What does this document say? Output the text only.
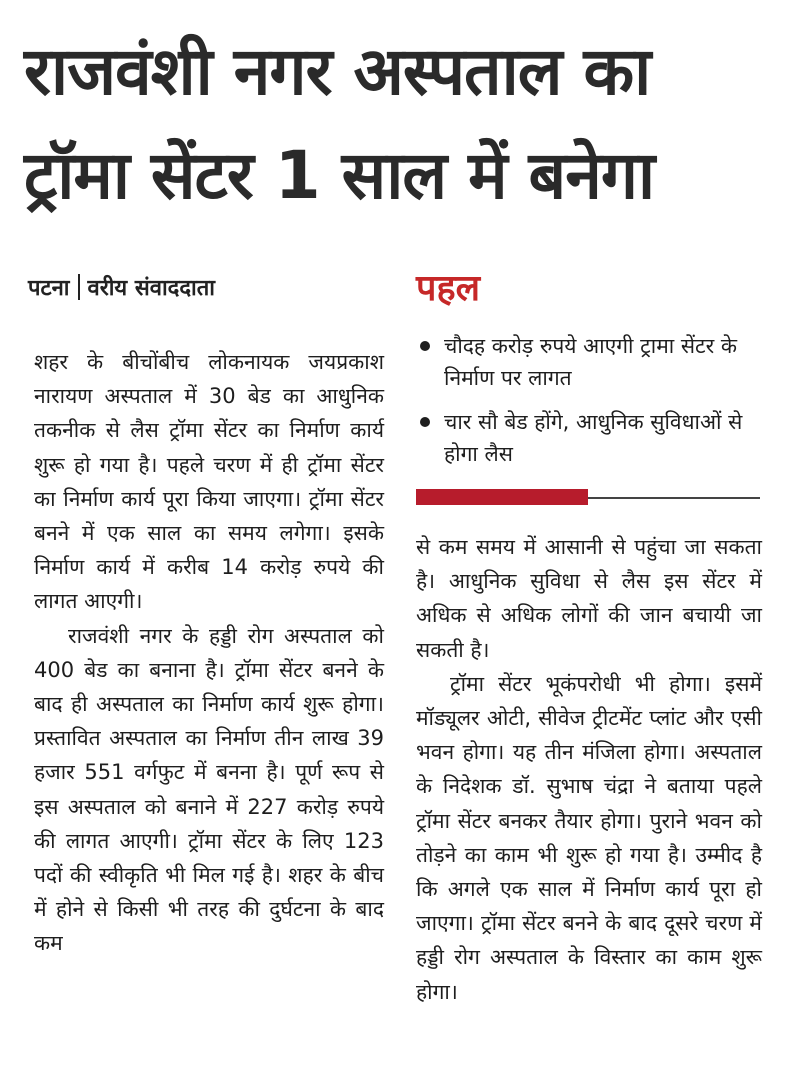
राजवंशी नगर अस्पताल का
ट्रॉमा सेंटर 1 साल में बनेगा
पटना वरीय संवाददाता

शहर के बीचोंबीच लोकनायक जयप्रकाश नारायण अस्पताल में 30 बेड का आधुनिक तकनीक से लैस ट्रॉमा सेंटर का निर्माण कार्य शुरू हो गया है। पहले चरण में ही ट्रॉमा सेंटर का निर्माण कार्य पूरा किया जाएगा। ट्रॉमा सेंटर बनने में एक साल का समय लगेगा। इसके निर्माण कार्य में करीब 14 करोड़ रुपये की लागत आएगी।

राजवंशी नगर के हड्डी रोग अस्पताल को 400 बेड का बनाना है। ट्रॉमा सेंटर बनने के बाद ही अस्पताल का निर्माण कार्य शुरू होगा। प्रस्तावित अस्पताल का निर्माण तीन लाख 39 हजार 551 वर्गफुट में बनना है। पूर्ण रूप से इस अस्पताल को बनाने में 227 करोड़ रुपये की लागत आएगी। ट्रॉमा सेंटर के लिए 123 पदों की स्वीकृति भी मिल गई है। शहर के बीच में होने से किसी भी तरह की दुर्घटना के बाद कम

पहल
चौदह करोड़ रुपये आएगी ट्रामा सेंटर के निर्माण पर लागत
चार सौ बेड होंगे, आधुनिक सुविधाओं से होगा लैस

से कम समय में आसानी से पहुंचा जा सकता है। आधुनिक सुविधा से लैस इस सेंटर में अधिक से अधिक लोगों की जान बचायी जा सकती है।

ट्रॉमा सेंटर भूकंपरोधी भी होगा। इसमें मॉड्यूलर ओटी, सीवेज ट्रीटमेंट प्लांट और एसी भवन होगा। यह तीन मंजिला होगा। अस्पताल के निदेशक डॉ. सुभाष चंद्रा ने बताया पहले ट्रॉमा सेंटर बनकर तैयार होगा। पुराने भवन को तोड़ने का काम भी शुरू हो गया है। उम्मीद है कि अगले एक साल में निर्माण कार्य पूरा हो जाएगा। ट्रॉमा सेंटर बनने के बाद दूसरे चरण में हड्डी रोग अस्पताल के विस्तार का काम शुरू होगा।
